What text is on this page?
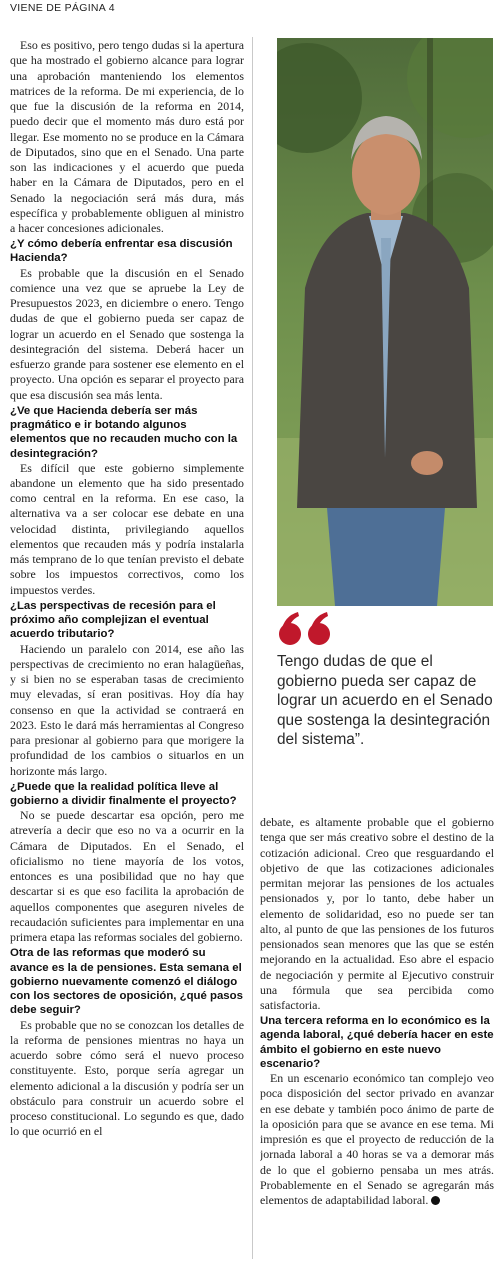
VIENE DE PÁGINA 4

Eso es positivo, pero tengo dudas si la apertura que ha mostrado el gobierno alcance para lograr una aprobación manteniendo los elementos matrices de la reforma. De mi experiencia, de lo que fue la discusión de la reforma en 2014, puedo decir que el momento más duro está por llegar. Ese momento no se produce en la Cámara de Diputados, sino que en el Senado. Una parte son las indicaciones y el acuerdo que pueda haber en la Cámara de Diputados, pero en el Senado la negociación será más dura, más específica y probablemente obliguen al ministro a hacer concesiones adicionales.

¿Y cómo debería enfrentar esa discusión Hacienda?

Es probable que la discusión en el Senado comience una vez que se apruebe la Ley de Presupuestos 2023, en diciembre o enero. Tengo dudas de que el gobierno pueda ser capaz de lograr un acuerdo en el Senado que sostenga la desintegración del sistema. Deberá hacer un esfuerzo grande para sostener ese elemento en el proyecto. Una opción es separar el proyecto para que esa discusión sea más lenta.

¿Ve que Hacienda debería ser más pragmático e ir botando algunos elementos que no recauden mucho con la desintegración?

Es difícil que este gobierno simplemente abandone un elemento que ha sido presentado como central en la reforma. En ese caso, la alternativa va a ser colocar ese debate en una velocidad distinta, privilegiando aquellos elementos que recauden más y podría instalarla más temprano de lo que tenían previsto el debate sobre los impuestos correctivos, como los impuestos verdes.

¿Las perspectivas de recesión para el próximo año complejizan el eventual acuerdo tributario?

Haciendo un paralelo con 2014, ese año las perspectivas de crecimiento no eran halagüeñas, y si bien no se esperaban tasas de crecimiento muy elevadas, sí eran positivas. Hoy día hay consenso en que la actividad se contraerá en 2023. Esto le dará más herramientas al Congreso para presionar al gobierno para que morigere la profundidad de los cambios o situarlos en un horizonte más largo.

¿Puede que la realidad política lleve al gobierno a dividir finalmente el proyecto?

No se puede descartar esa opción, pero me atrevería a decir que eso no va a ocurrir en la Cámara de Diputados. En el Senado, el oficialismo no tiene mayoría de los votos, entonces es una posibilidad que no hay que descartar si es que eso facilita la aprobación de aquellos componentes que aseguren niveles de recaudación suficientes para implementar en una primera etapa las reformas sociales del gobierno.

Otra de las reformas que moderó su avance es la de pensiones. Esta semana el gobierno nuevamente comenzó el diálogo con los sectores de oposición, ¿qué pasos debe seguir?

Es probable que no se conozcan los detalles de la reforma de pensiones mientras no haya un acuerdo sobre cómo será el nuevo proceso constituyente. Esto, porque sería agregar un elemento adicional a la discusión y podría ser un obstáculo para construir un acuerdo sobre el proceso constitucional. Lo segundo es que, dado lo que ocurrió en el

Tengo dudas de que el gobierno pueda ser capaz de lograr un acuerdo en el Senado que sostenga la desintegración del sistema”.

debate, es altamente probable que el gobierno tenga que ser más creativo sobre el destino de la cotización adicional. Creo que resguardando el objetivo de que las cotizaciones adicionales permitan mejorar las pensiones de los actuales pensionados y, por lo tanto, debe haber un elemento de solidaridad, eso no puede ser tan alto, al punto de que las pensiones de los futuros pensionados sean menores que las que se estén mejorando en la actualidad. Eso abre el espacio de negociación y permite al Ejecutivo construir una fórmula que sea percibida como satisfactoria.

Una tercera reforma en lo económico es la agenda laboral, ¿qué debería hacer en este ámbito el gobierno en este nuevo escenario?

En un escenario económico tan complejo veo poca disposición del sector privado en avanzar en ese debate y también poco ánimo de parte de la oposición para que se avance en ese tema. Mi impresión es que el proyecto de reducción de la jornada laboral a 40 horas se va a demorar más de lo que el gobierno pensaba un mes atrás. Probablemente en el Senado se agregarán más elementos de adaptabilidad laboral.
